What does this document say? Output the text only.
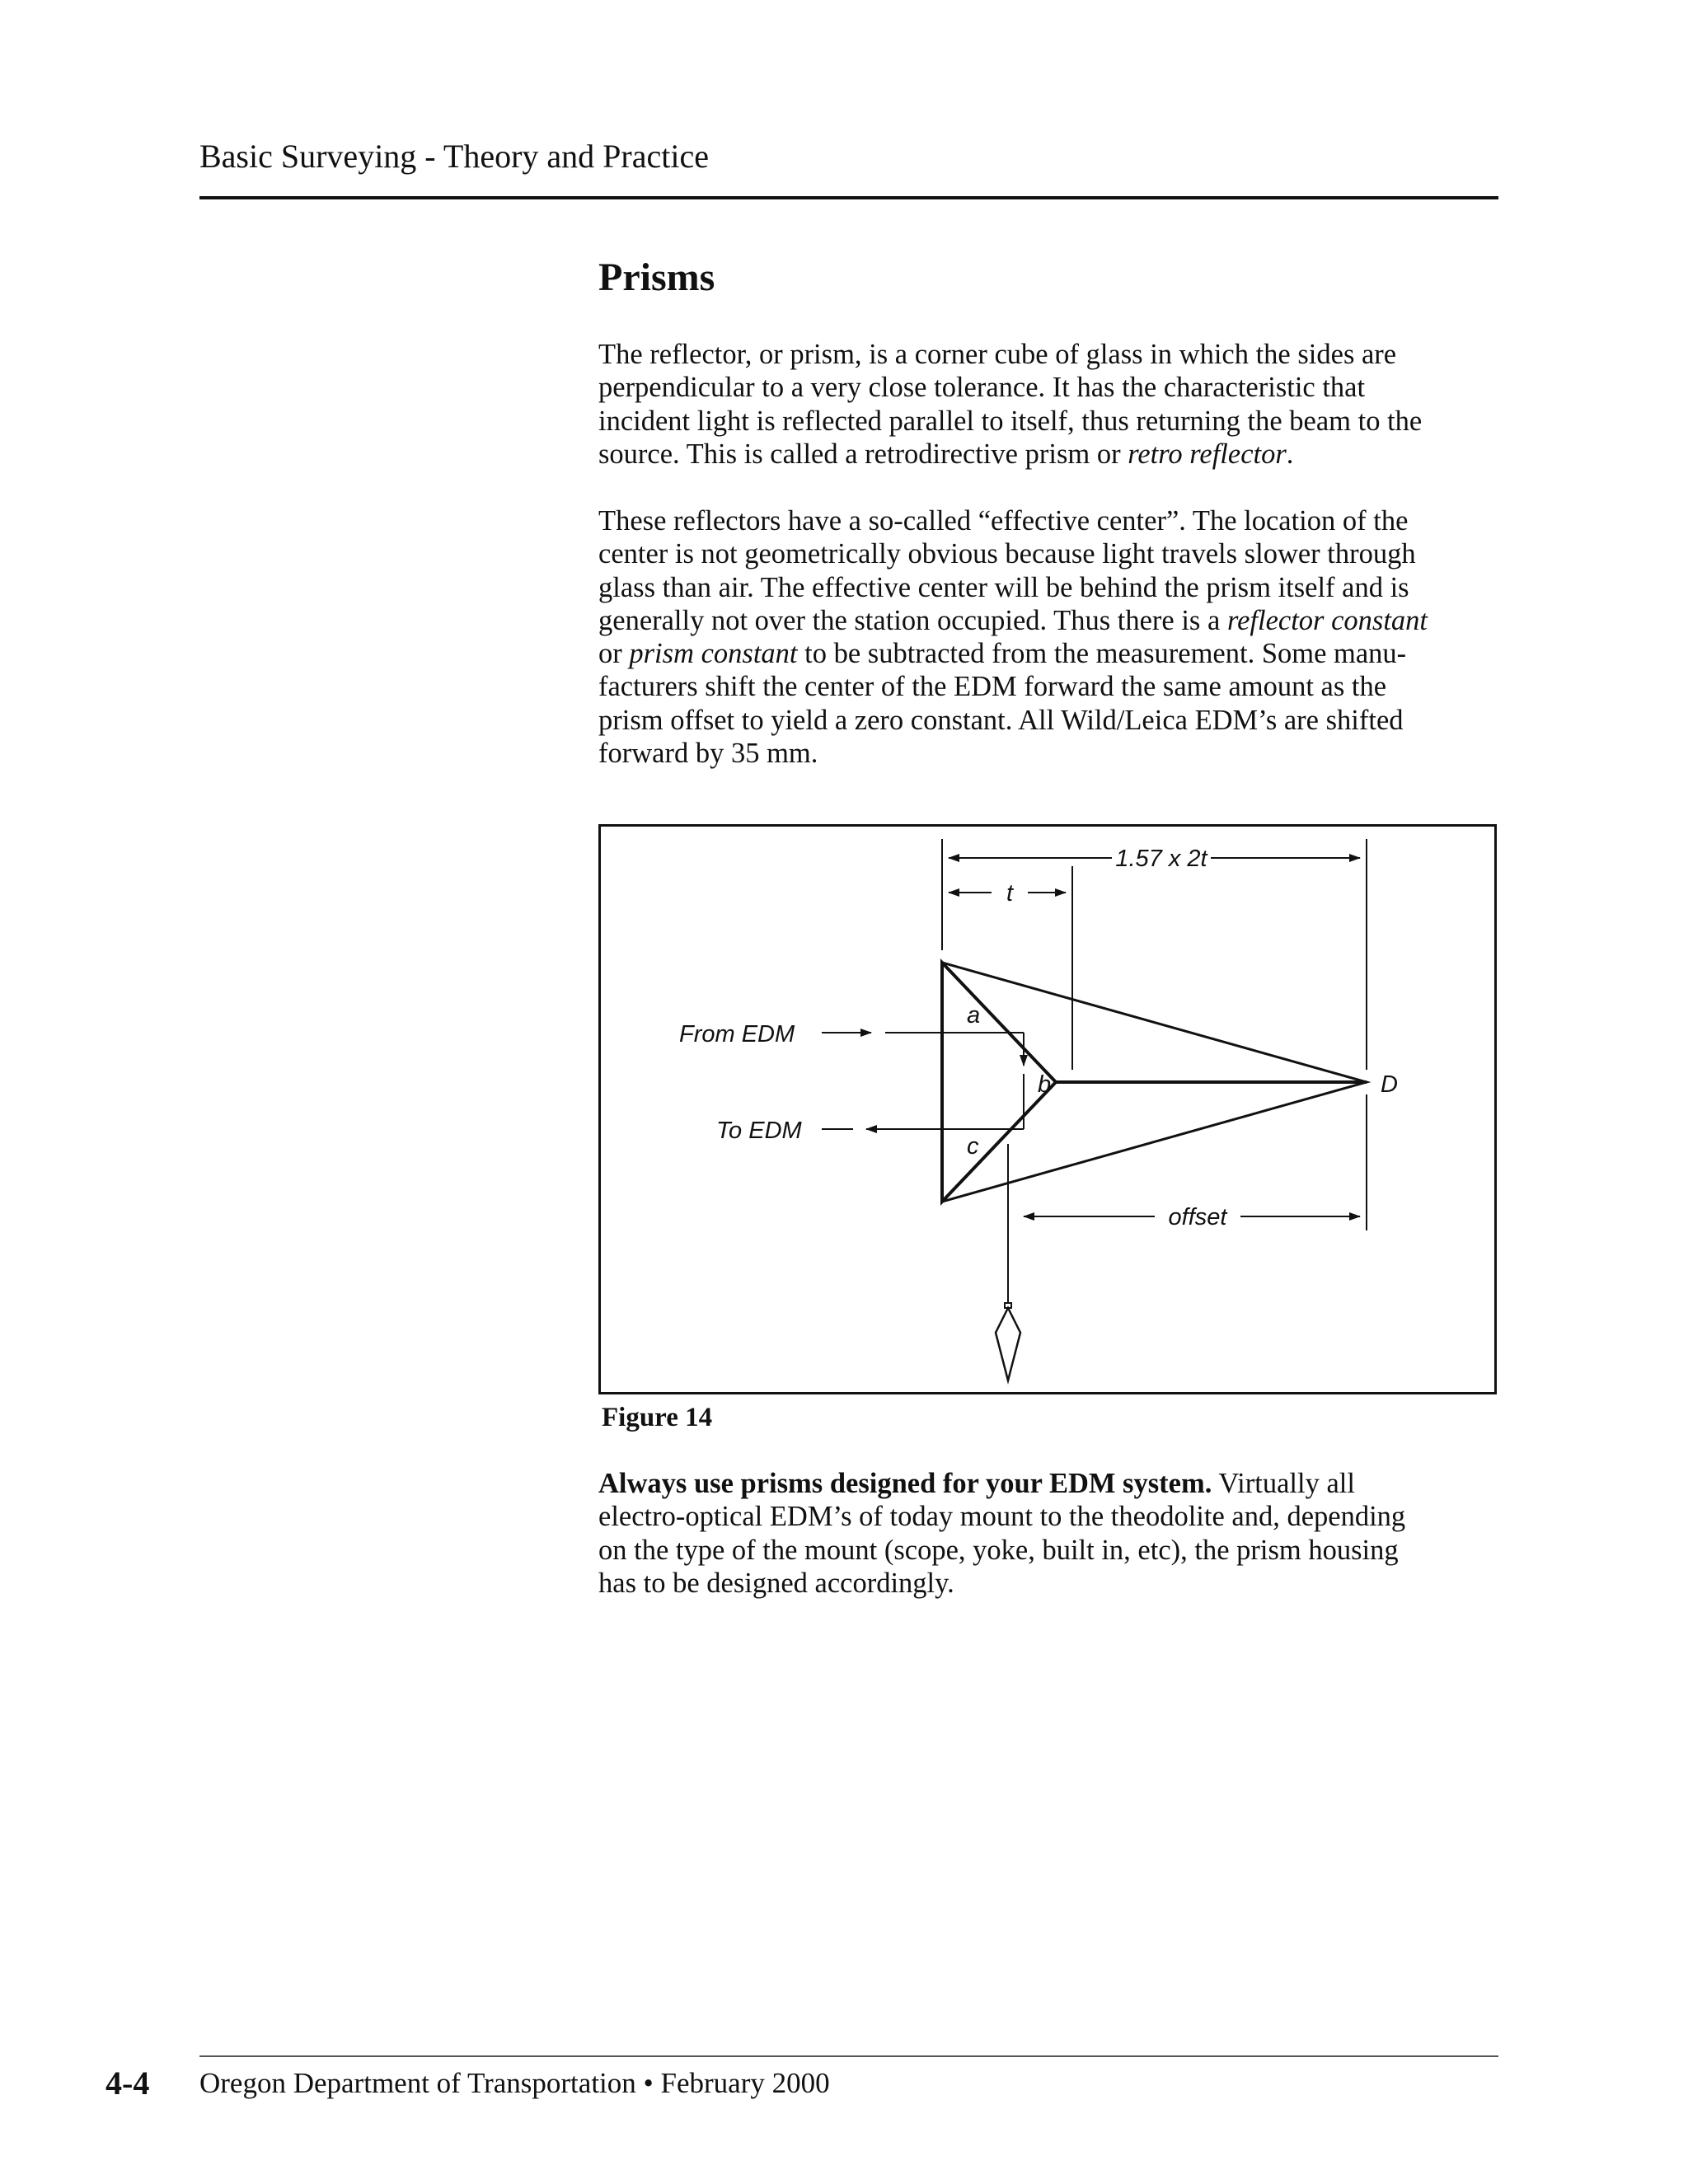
Basic Surveying - Theory and Practice
Prisms

The reflector, or prism, is a corner cube of glass in which the sides are
perpendicular to a very close tolerance. It has the characteristic that
incident light is reflected parallel to itself, thus returning the beam to the
source. This is called a retrodirective prism or retro reflector.

These reflectors have a so-called “effective center”. The location of the
center is not geometrically obvious because light travels slower through
glass than air. The effective center will be behind the prism itself and is
generally not over the station occupied. Thus there is a reflector constant
or prism constant to be subtracted from the measurement. Some manu-
facturers shift the center of the EDM forward the same amount as the
prism offset to yield a zero constant. All Wild/Leica EDM’s are shifted
forward by 35 mm.

1.57 x 2t
t
a
b
c
D
From EDM
To EDM
offset
Figure 14

Always use prisms designed for your EDM system. Virtually all
electro-optical EDM’s of today mount to the theodolite and, depending
on the type of the mount (scope, yoke, built in, etc), the prism housing
has to be designed accordingly.

4-4 Oregon Department of Transportation • February 2000
